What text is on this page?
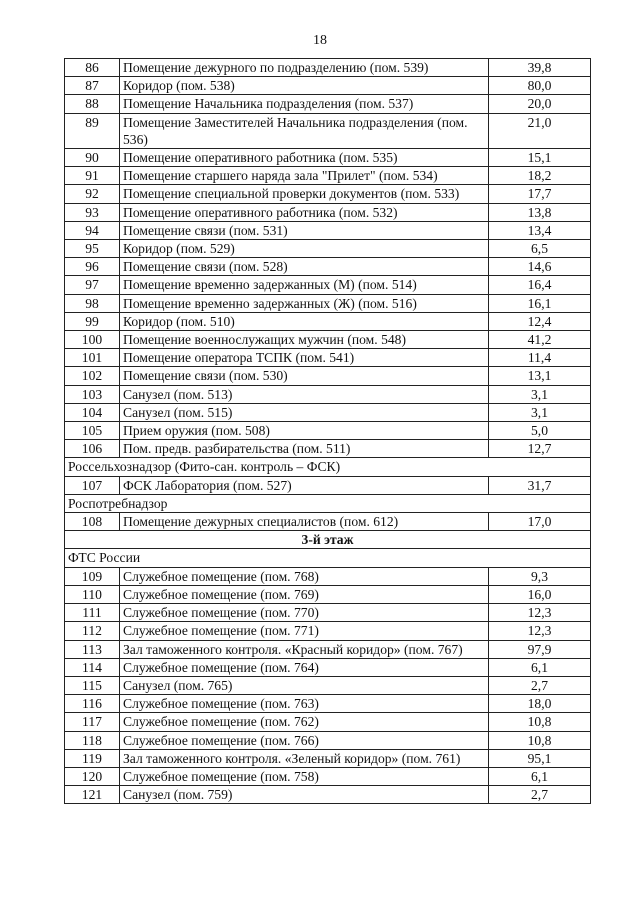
18
86	Помещение дежурного по подразделению (пом. 539)	39,8
87	Коридор (пом. 538)	80,0
88	Помещение Начальника подразделения (пом. 537)	20,0
89	Помещение Заместителей Начальника подразделения (пом. 536)	21,0
90	Помещение оперативного работника (пом. 535)	15,1
91	Помещение старшего наряда зала "Прилет" (пом. 534)	18,2
92	Помещение специальной проверки документов (пом. 533)	17,7
93	Помещение оперативного работника (пом. 532)	13,8
94	Помещение связи (пом. 531)	13,4
95	Коридор (пом. 529)	6,5
96	Помещение связи (пом. 528)	14,6
97	Помещение временно задержанных (М) (пом. 514)	16,4
98	Помещение временно задержанных (Ж) (пом. 516)	16,1
99	Коридор (пом. 510)	12,4
100	Помещение военнослужащих мужчин (пом. 548)	41,2
101	Помещение оператора ТСПК (пом. 541)	11,4
102	Помещение связи (пом. 530)	13,1
103	Санузел (пом. 513)	3,1
104	Санузел (пом. 515)	3,1
105	Прием оружия (пом. 508)	5,0
106	Пом. предв. разбирательства (пом. 511)	12,7
Россельхознадзор (Фито-сан. контроль – ФСК)		
107	ФСК Лаборатория (пом. 527)	31,7
Роспотребнадзор		
108	Помещение дежурных специалистов (пом. 612)	17,0
3-й этаж		
ФТС России		
109	Служебное помещение (пом. 768)	9,3
110	Служебное помещение (пом. 769)	16,0
111	Служебное помещение (пом. 770)	12,3
112	Служебное помещение (пом. 771)	12,3
113	Зал таможенного контроля. «Красный коридор» (пом. 767)	97,9
114	Служебное помещение (пом. 764)	6,1
115	Санузел (пом. 765)	2,7
116	Служебное помещение (пом. 763)	18,0
117	Служебное помещение (пом. 762)	10,8
118	Служебное помещение (пом. 766)	10,8
119	Зал таможенного контроля. «Зеленый коридор» (пом. 761)	95,1
120	Служебное помещение (пом. 758)	6,1
121	Санузел (пом. 759)	2,7
